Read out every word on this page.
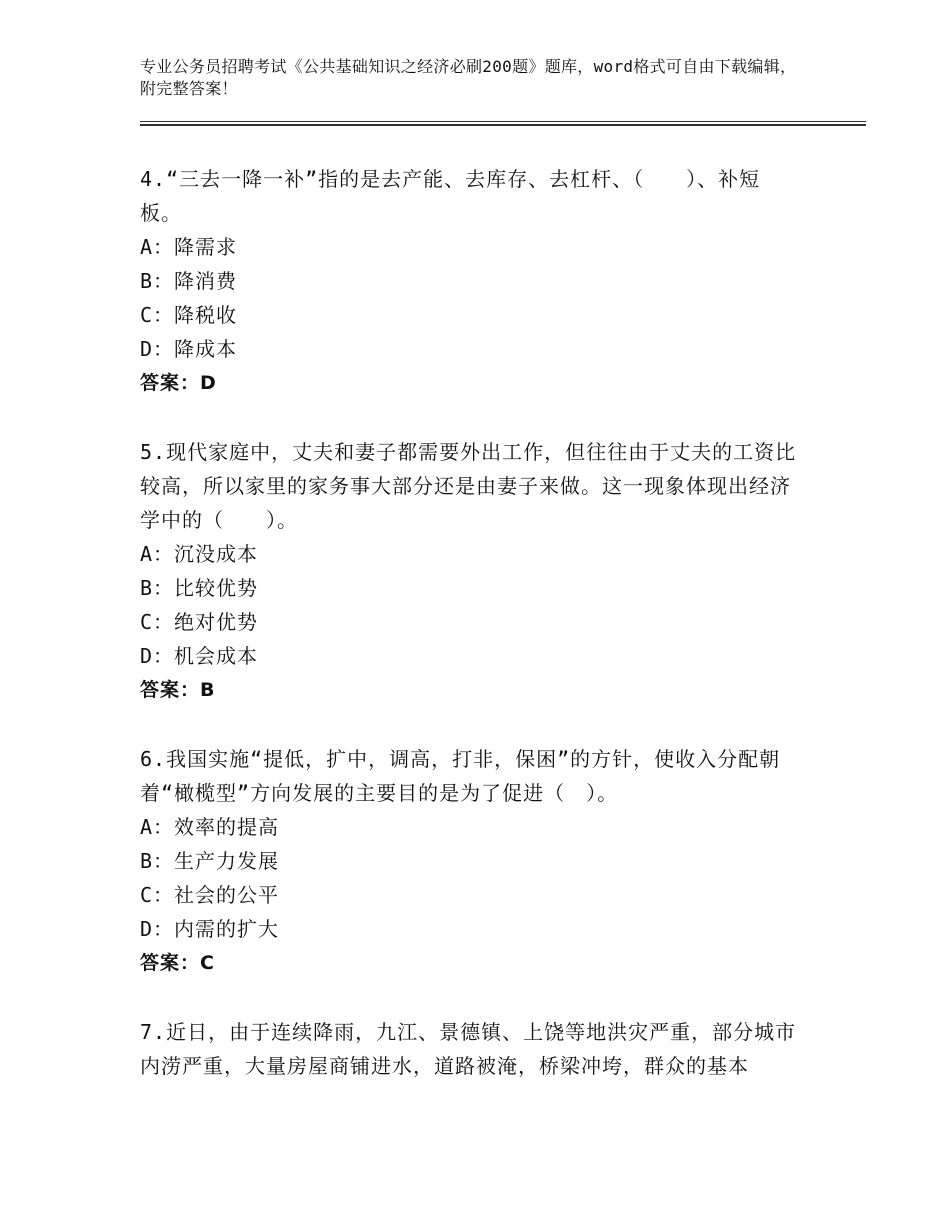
专业公务员招聘考试《公共基础知识之经济必刷200题》题库，word格式可自由下载编辑，附完整答案！

4.“三去一降一补”指的是去产能、去库存、去杠杆、（　　）、补短板。

A：降需求

B：降消费

C：降税收

D：降成本

答案：D

5.现代家庭中，丈夫和妻子都需要外出工作，但往往由于丈夫的工资比较高，所以家里的家务事大部分还是由妻子来做。这一现象体现出经济学中的（　　）。

A：沉没成本

B：比较优势

C：绝对优势

D：机会成本

答案：B

6.我国实施“提低，扩中，调高，打非，保困”的方针，使收入分配朝着“橄榄型”方向发展的主要目的是为了促进（　）。

A：效率的提高

B：生产力发展

C：社会的公平

D：内需的扩大

答案：C

7.近日，由于连续降雨，九江、景德镇、上饶等地洪灾严重，部分城市内涝严重，大量房屋商铺进水，道路被淹，桥梁冲垮，群众的基本
